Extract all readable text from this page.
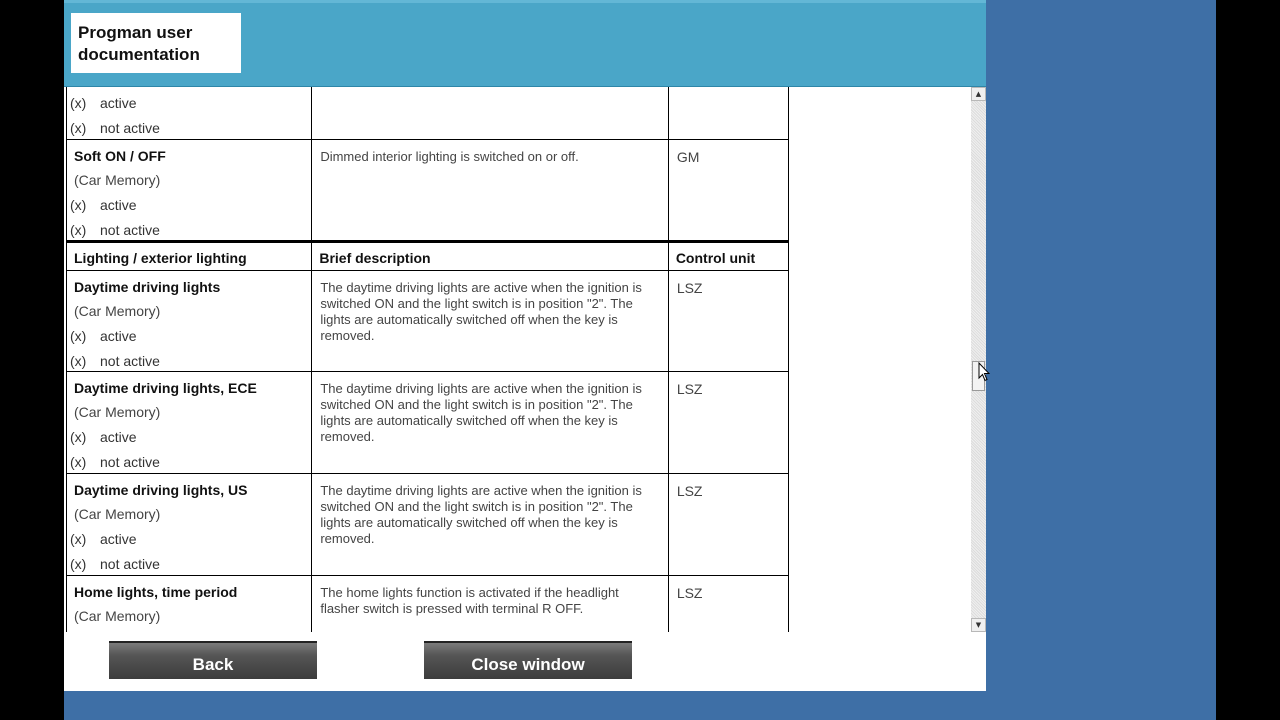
Progman user
documentation
(x) active
(x) not active		

Soft ON / OFF
(Car Memory)
(x) active
(x) not active	Dimmed interior lighting is switched on or off.	GM

Lighting / exterior lighting	Brief description	Control unit

Daytime driving lights
(Car Memory)
(x) active
(x) not active	The daytime driving lights are active when the ignition is switched ON and the light switch is in position "2". The lights are automatically switched off when the key is removed.	LSZ

Daytime driving lights, ECE
(Car Memory)
(x) active
(x) not active	The daytime driving lights are active when the ignition is switched ON and the light switch is in position "2". The lights are automatically switched off when the key is removed.	LSZ

Daytime driving lights, US
(Car Memory)
(x) active
(x) not active	The daytime driving lights are active when the ignition is switched ON and the light switch is in position "2". The lights are automatically switched off when the key is removed.	LSZ

Home lights, time period
(Car Memory)	The home lights function is activated if the headlight flasher switch is pressed with terminal R OFF.	LSZ
▲
▼
Back	Close window
